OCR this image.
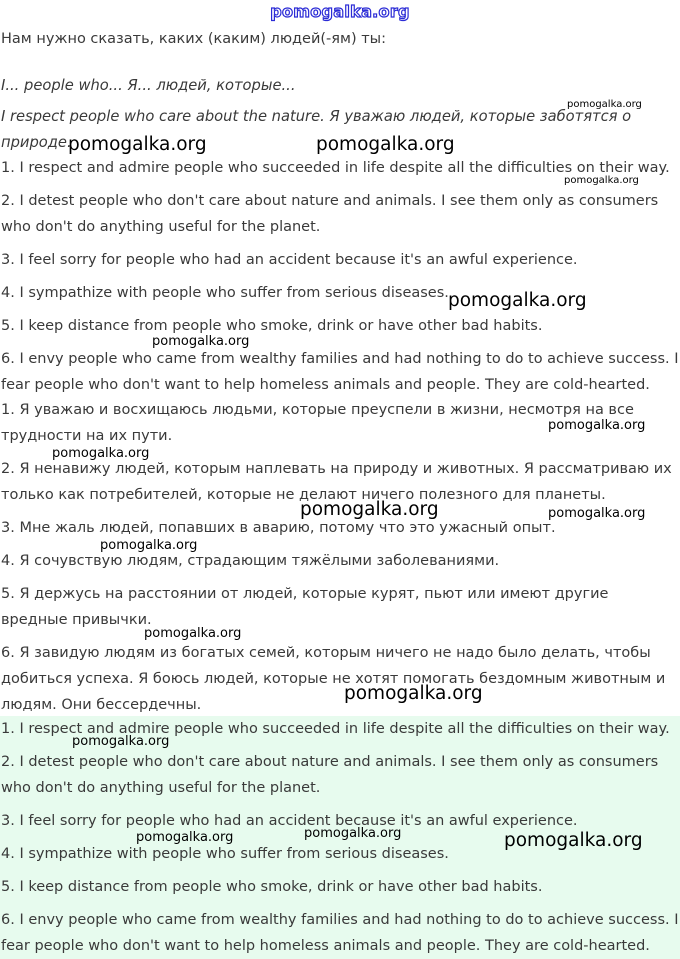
pomogalka.org

Нам нужно сказать, каких (каким) людей(-ям) ты:

I... people who... Я... людей, которые...

I respect people who care about the nature. Я уважаю людей, которые заботятся о

природе.

1. I respect and admire people who succeeded in life despite all the difficulties on their way.

2. I detest people who don't care about nature and animals. I see them only as consumers who don't do anything useful for the planet.

3. I feel sorry for people who had an accident because it's an awful experience.

4. I sympathize with people who suffer from serious diseases.

5. I keep distance from people who smoke, drink or have other bad habits.

6. I envy people who came from wealthy families and had nothing to do to achieve success. I fear people who don't want to help homeless animals and people. They are cold-hearted.

1. Я уважаю и восхищаюсь людьми, которые преуспели в жизни, несмотря на все трудности на их пути.

2. Я ненавижу людей, которым наплевать на природу и животных. Я рассматриваю их только как потребителей, которые не делают ничего полезного для планеты.

3. Мне жаль людей, попавших в аварию, потому что это ужасный опыт.

4. Я сочувствую людям, страдающим тяжёлыми заболеваниями.

5. Я держусь на расстоянии от людей, которые курят, пьют или имеют другие вредные привычки.

6. Я завидую людям из богатых семей, которым ничего не надо было делать, чтобы добиться успеха. Я боюсь людей, которые не хотят помогать бездомным животным и людям. Они бессердечны.

1. I respect and admire people who succeeded in life despite all the difficulties on their way.

2. I detest people who don't care about nature and animals. I see them only as consumers who don't do anything useful for the planet.

3. I feel sorry for people who had an accident because it's an awful experience.

4. I sympathize with people who suffer from serious diseases.

5. I keep distance from people who smoke, drink or have other bad habits.

6. I envy people who came from wealthy families and had nothing to do to achieve success. I fear people who don't want to help homeless animals and people. They are cold-hearted.

pomogalka.org
pomogalka.org	pomogalka.org
pomogalka.org
pomogalka.org
pomogalka.org
pomogalka.org
pomogalka.org
pomogalka.org	pomogalka.org
pomogalka.org
pomogalka.org
pomogalka.org
pomogalka.org
pomogalka.org
pomogalka.org	pomogalka.org
